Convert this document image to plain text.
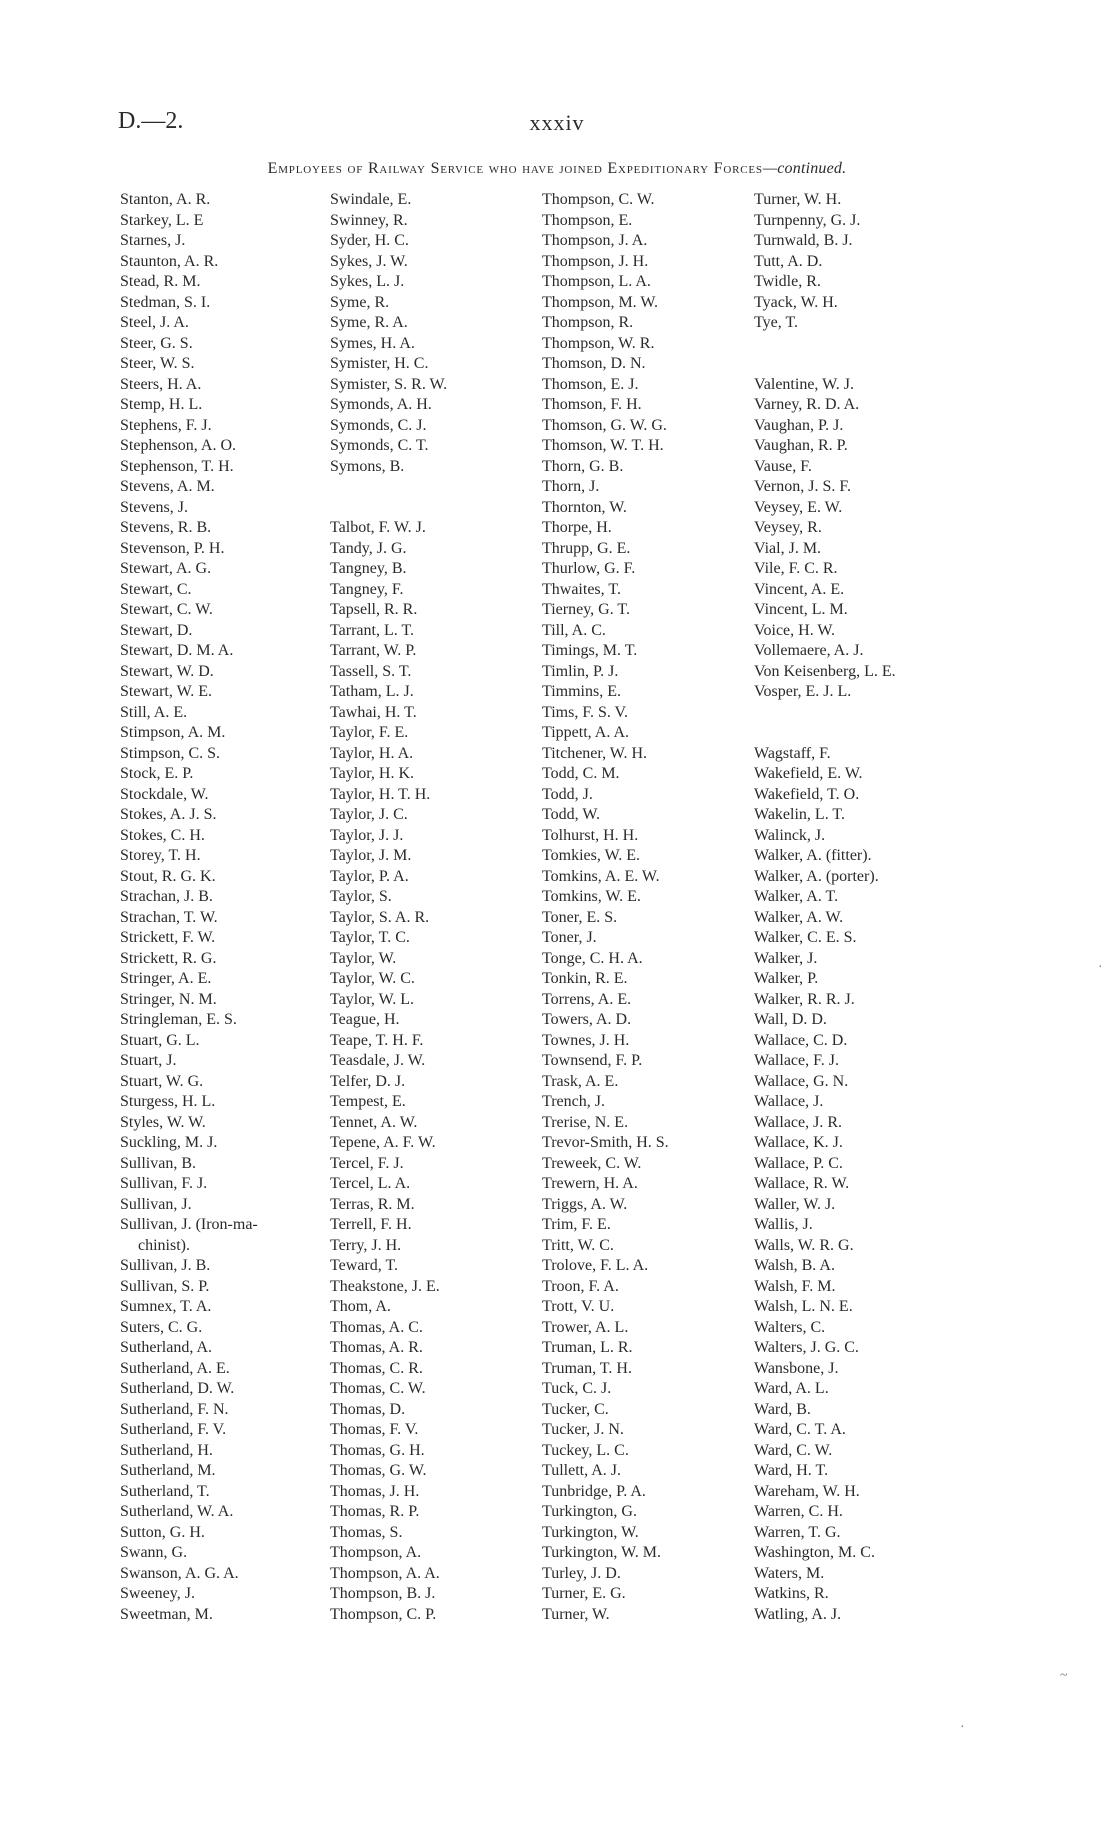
D.—2.	xxxiv
Employees of Railway Service who have joined Expeditionary Forces—continued.
Stanton, A. R.
Starkey, L. E
Starnes, J.
Staunton, A. R.
Stead, R. M.
Stedman, S. I.
Steel, J. A.
Steer, G. S.
Steer, W. S.
Steers, H. A.
Stemp, H. L.
Stephens, F. J.
Stephenson, A. O.
Stephenson, T. H.
Stevens, A. M.
Stevens, J.
Stevens, R. B.
Stevenson, P. H.
Stewart, A. G.
Stewart, C.
Stewart, C. W.
Stewart, D.
Stewart, D. M. A.
Stewart, W. D.
Stewart, W. E.
Still, A. E.
Stimpson, A. M.
Stimpson, C. S.
Stock, E. P.
Stockdale, W.
Stokes, A. J. S.
Stokes, C. H.
Storey, T. H.
Stout, R. G. K.
Strachan, J. B.
Strachan, T. W.
Strickett, F. W.
Strickett, R. G.
Stringer, A. E.
Stringer, N. M.
Stringleman, E. S.
Stuart, G. L.
Stuart, J.
Stuart, W. G.
Sturgess, H. L.
Styles, W. W.
Suckling, M. J.
Sullivan, B.
Sullivan, F. J.
Sullivan, J.
Sullivan, J. (Iron-ma-
chinist).
Sullivan, J. B.
Sullivan, S. P.
Sumnex, T. A.
Suters, C. G.
Sutherland, A.
Sutherland, A. E.
Sutherland, D. W.
Sutherland, F. N.
Sutherland, F. V.
Sutherland, H.
Sutherland, M.
Sutherland, T.
Sutherland, W. A.
Sutton, G. H.
Swann, G.
Swanson, A. G. A.
Sweeney, J.
Sweetman, M.
Swindale, E.
Swinney, R.
Syder, H. C.
Sykes, J. W.
Sykes, L. J.
Syme, R.
Syme, R. A.
Symes, H. A.
Symister, H. C.
Symister, S. R. W.
Symonds, A. H.
Symonds, C. J.
Symonds, C. T.
Symons, B.
Talbot, F. W. J.
Tandy, J. G.
Tangney, B.
Tangney, F.
Tapsell, R. R.
Tarrant, L. T.
Tarrant, W. P.
Tassell, S. T.
Tatham, L. J.
Tawhai, H. T.
Taylor, F. E.
Taylor, H. A.
Taylor, H. K.
Taylor, H. T. H.
Taylor, J. C.
Taylor, J. J.
Taylor, J. M.
Taylor, P. A.
Taylor, S.
Taylor, S. A. R.
Taylor, T. C.
Taylor, W.
Taylor, W. C.
Taylor, W. L.
Teague, H.
Teape, T. H. F.
Teasdale, J. W.
Telfer, D. J.
Tempest, E.
Tennet, A. W.
Tepene, A. F. W.
Tercel, F. J.
Tercel, L. A.
Terras, R. M.
Terrell, F. H.
Terry, J. H.
Teward, T.
Theakstone, J. E.
Thom, A.
Thomas, A. C.
Thomas, A. R.
Thomas, C. R.
Thomas, C. W.
Thomas, D.
Thomas, F. V.
Thomas, G. H.
Thomas, G. W.
Thomas, J. H.
Thomas, R. P.
Thomas, S.
Thompson, A.
Thompson, A. A.
Thompson, B. J.
Thompson, C. P.
Thompson, C. W.
Thompson, E.
Thompson, J. A.
Thompson, J. H.
Thompson, L. A.
Thompson, M. W.
Thompson, R.
Thompson, W. R.
Thomson, D. N.
Thomson, E. J.
Thomson, F. H.
Thomson, G. W. G.
Thomson, W. T. H.
Thorn, G. B.
Thorn, J.
Thornton, W.
Thorpe, H.
Thrupp, G. E.
Thurlow, G. F.
Thwaites, T.
Tierney, G. T.
Till, A. C.
Timings, M. T.
Timlin, P. J.
Timmins, E.
Tims, F. S. V.
Tippett, A. A.
Titchener, W. H.
Todd, C. M.
Todd, J.
Todd, W.
Tolhurst, H. H.
Tomkies, W. E.
Tomkins, A. E. W.
Tomkins, W. E.
Toner, E. S.
Toner, J.
Tonge, C. H. A.
Tonkin, R. E.
Torrens, A. E.
Towers, A. D.
Townes, J. H.
Townsend, F. P.
Trask, A. E.
Trench, J.
Trerise, N. E.
Trevor-Smith, H. S.
Treweek, C. W.
Trewern, H. A.
Triggs, A. W.
Trim, F. E.
Tritt, W. C.
Trolove, F. L. A.
Troon, F. A.
Trott, V. U.
Trower, A. L.
Truman, L. R.
Truman, T. H.
Tuck, C. J.
Tucker, C.
Tucker, J. N.
Tuckey, L. C.
Tullett, A. J.
Tunbridge, P. A.
Turkington, G.
Turkington, W.
Turkington, W. M.
Turley, J. D.
Turner, E. G.
Turner, W.
Turner, W. H.
Turnpenny, G. J.
Turnwald, B. J.
Tutt, A. D.
Twidle, R.
Tyack, W. H.
Tye, T.
Valentine, W. J.
Varney, R. D. A.
Vaughan, P. J.
Vaughan, R. P.
Vause, F.
Vernon, J. S. F.
Veysey, E. W.
Veysey, R.
Vial, J. M.
Vile, F. C. R.
Vincent, A. E.
Vincent, L. M.
Voice, H. W.
Vollemaere, A. J.
Von Keisenberg, L. E.
Vosper, E. J. L.
Wagstaff, F.
Wakefield, E. W.
Wakefield, T. O.
Wakelin, L. T.
Walinck, J.
Walker, A. (fitter).
Walker, A. (porter).
Walker, A. T.
Walker, A. W.
Walker, C. E. S.
Walker, J.
Walker, P.
Walker, R. R. J.
Wall, D. D.
Wallace, C. D.
Wallace, F. J.
Wallace, G. N.
Wallace, J.
Wallace, J. R.
Wallace, K. J.
Wallace, P. C.
Wallace, R. W.
Waller, W. J.
Wallis, J.
Walls, W. R. G.
Walsh, B. A.
Walsh, F. M.
Walsh, L. N. E.
Walters, C.
Walters, J. G. C.
Wansbone, J.
Ward, A. L.
Ward, B.
Ward, C. T. A.
Ward, C. W.
Ward, H. T.
Wareham, W. H.
Warren, C. H.
Warren, T. G.
Washington, M. C.
Waters, M.
Watkins, R.
Watling, A. J.
·
~
·
